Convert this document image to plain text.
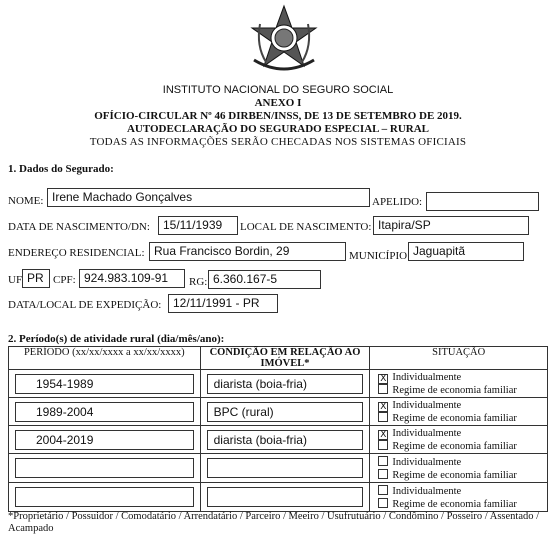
INSTITUTO NACIONAL DO SEGURO SOCIAL
ANEXO I
OFÍCIO-CIRCULAR Nº 46 DIRBEN/INSS, DE 13 DE SETEMBRO DE 2019.
AUTODECLARAÇÃO DO SEGURADO ESPECIAL – RURAL
TODAS AS INFORMAÇÕES SERÃO CHECADAS NOS SISTEMAS OFICIAIS
1. Dados do Segurado:
NOME: Irene Machado Gonçalves	APELIDO:
DATA DE NASCIMENTO/DN:	15/11/1939	LOCAL DE NASCIMENTO: Itapira/SP
ENDEREÇO RESIDENCIAL: Rua Francisco Bordin, 29	MUNICÍPIO Jaguapitã
UF PR CPF: 924.983.109-91	RG: 6.360.167-5
DATA/LOCAL DE EXPEDIÇÃO: 12/11/1991 - PR
2. Período(s) de atividade rural (dia/mês/ano):
PERÍODO (xx/xx/xxxx a xx/xx/xxxx)	CONDIÇÃO EM RELAÇÃO AO IMÓVEL*	SITUAÇÃO

1954-1989	diarista (boia-fria)	X Individualmente
Regime de economia familiar

1989-2004	BPC (rural)	X Individualmente
Regime de economia familiar

2004-2019	diarista (boia-fria)	X Individualmente
Regime de economia familiar

		Individualmente
Regime de economia familiar

		Individualmente
Regime de economia familiar
*Proprietário / Possuidor / Comodatário / Arrendatário / Parceiro / Meeiro / Usufrutuário / Condômino / Posseiro / Assentado / Acampado
